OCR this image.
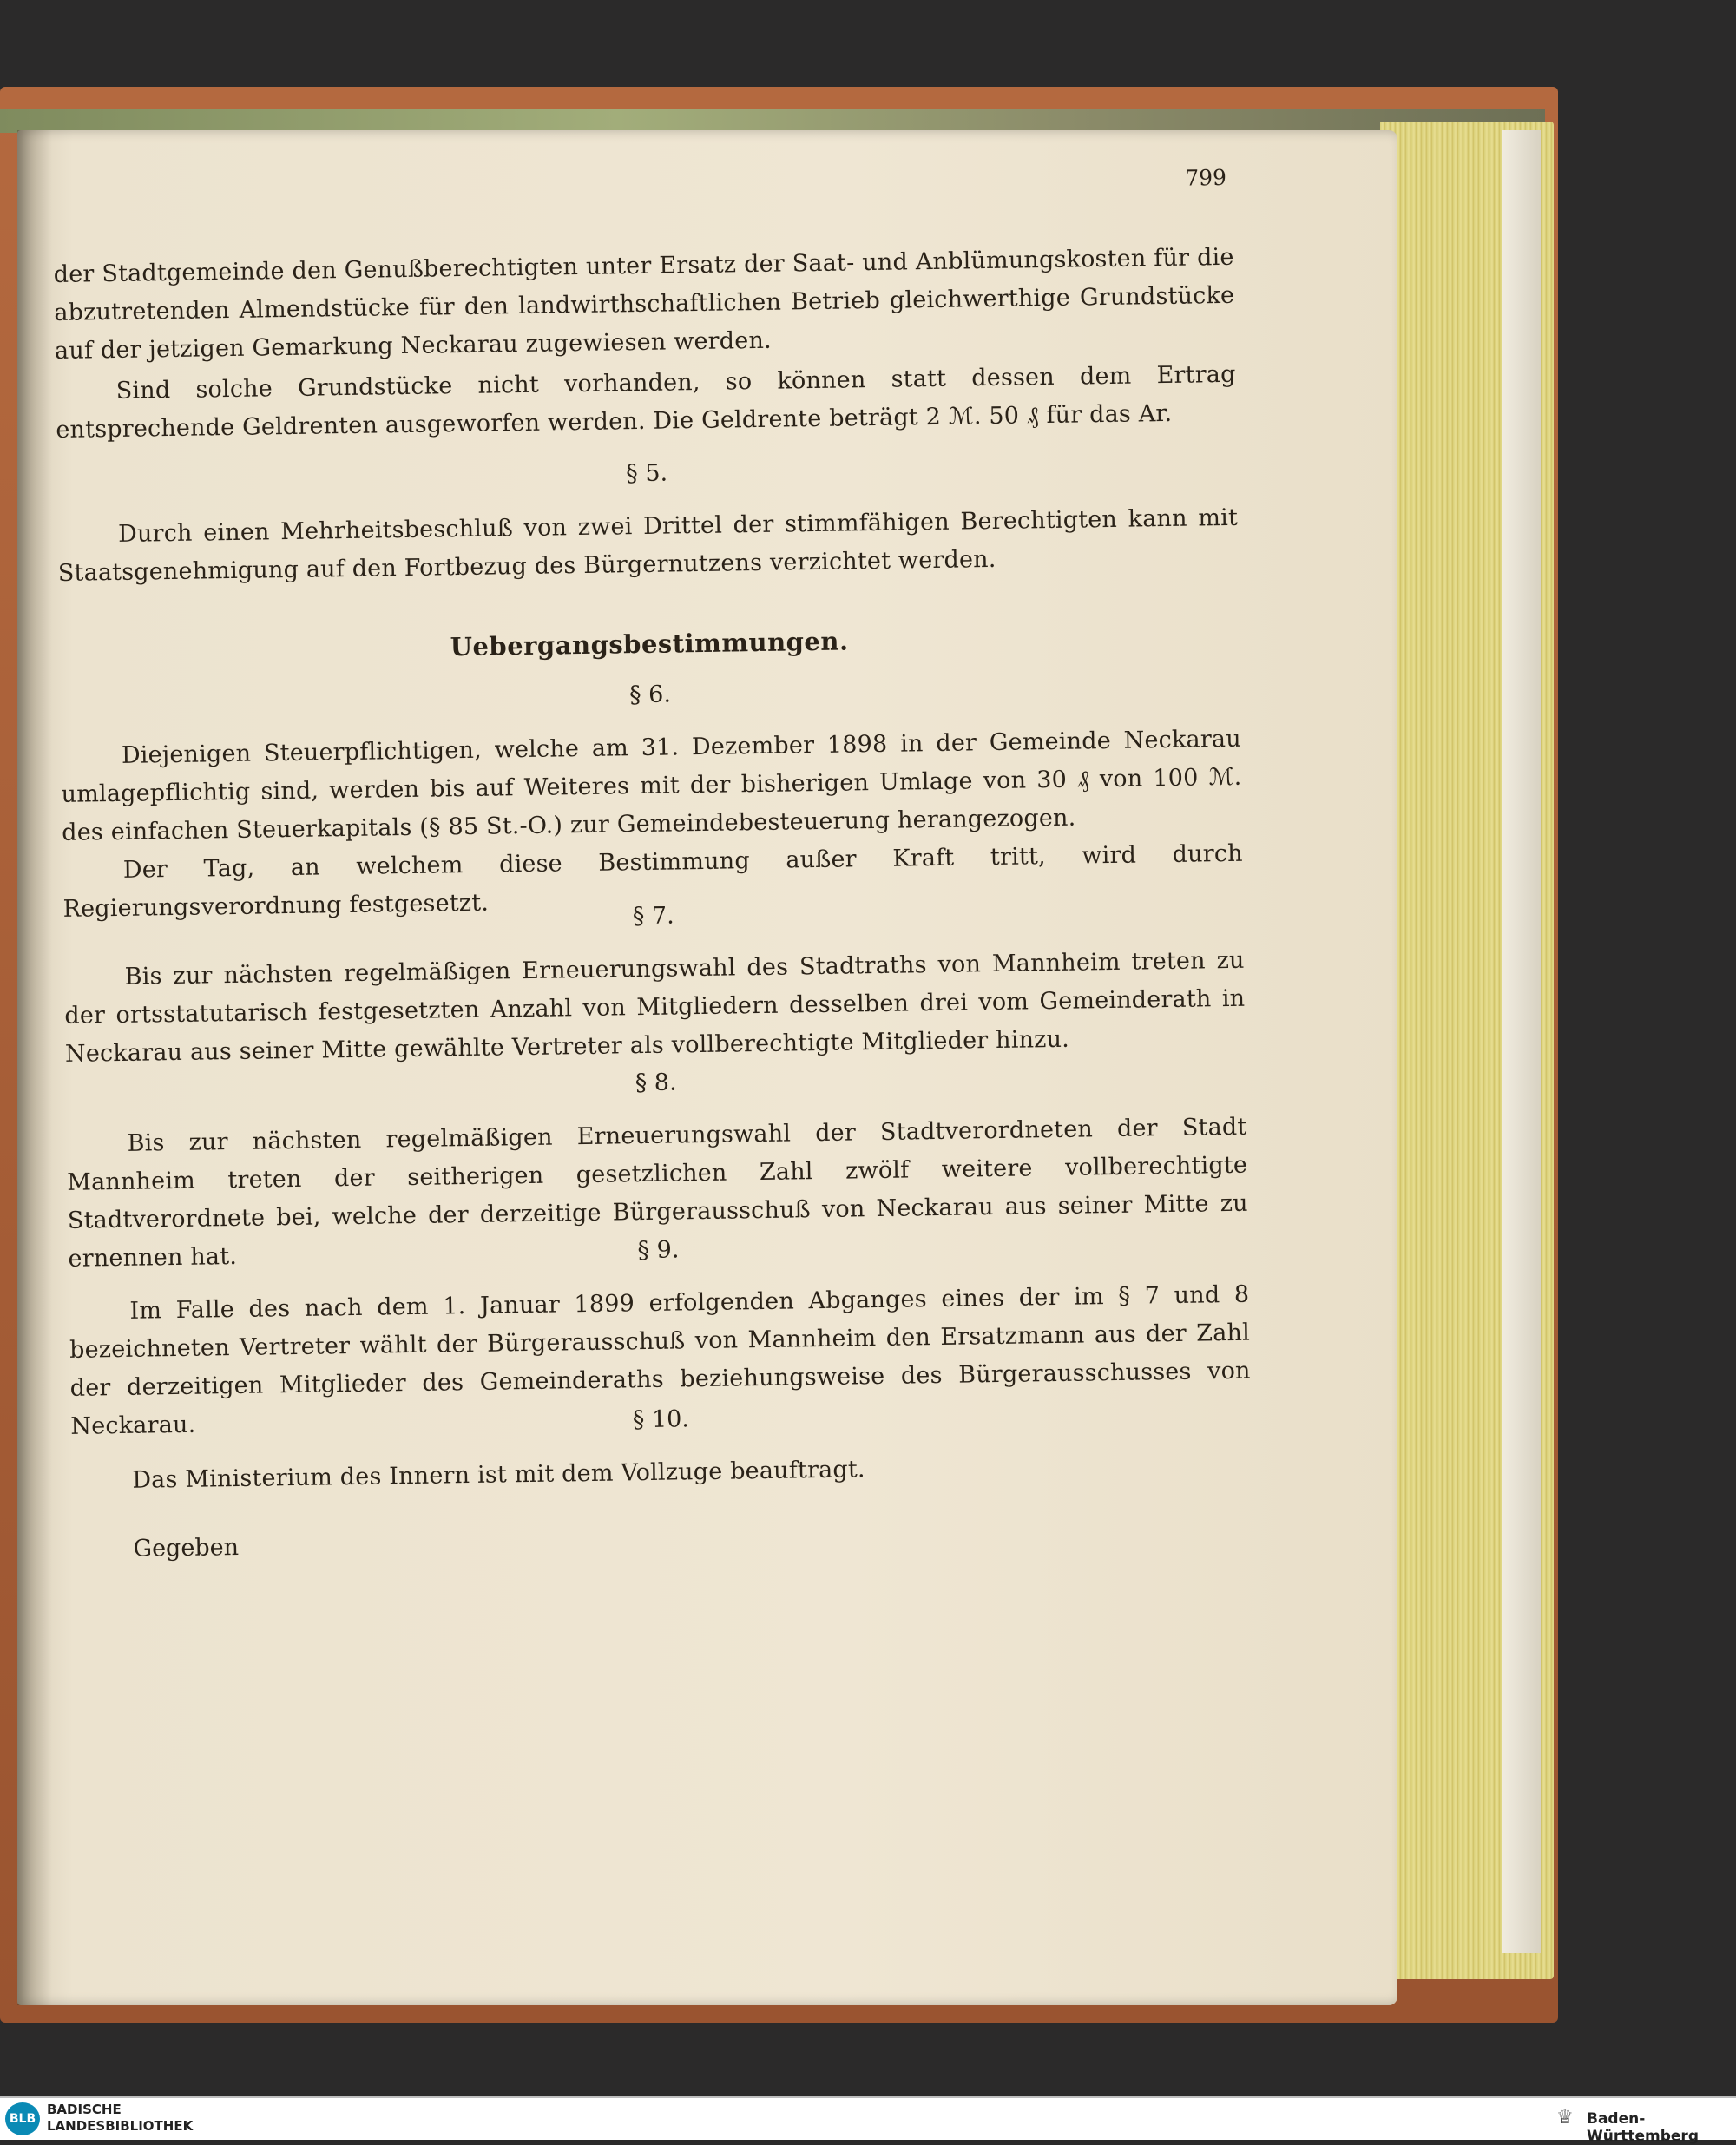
799
der Stadtgemeinde den Genußberechtigten unter Ersatz der Saat- und Anblümungskosten für die abzutretenden Almendstücke für den landwirthschaftlichen Betrieb gleichwerthige Grundstücke auf der jetzigen Gemarkung Neckarau zugewiesen werden.
Sind solche Grundstücke nicht vorhanden, so können statt dessen dem Ertrag entsprechende Geldrenten ausgeworfen werden. Die Geldrente beträgt 2 ℳ. 50 ₰ für das Ar.
§ 5.
Durch einen Mehrheitsbeschluß von zwei Drittel der stimmfähigen Berechtigten kann mit Staatsgenehmigung auf den Fortbezug des Bürgernutzens verzichtet werden.
Uebergangsbestimmungen.
§ 6.
Diejenigen Steuerpflichtigen, welche am 31. Dezember 1898 in der Gemeinde Neckarau umlagepflichtig sind, werden bis auf Weiteres mit der bisherigen Umlage von 30 ₰ von 100 ℳ. des einfachen Steuerkapitals (§ 85 St.-O.) zur Gemeindebesteuerung herangezogen.
Der Tag, an welchem diese Bestimmung außer Kraft tritt, wird durch Regierungsverordnung festgesetzt.	§ 7.
Bis zur nächsten regelmäßigen Erneuerungswahl des Stadtraths von Mannheim treten zu der ortsstatutarisch festgesetzten Anzahl von Mitgliedern desselben drei vom Gemeinderath in Neckarau aus seiner Mitte gewählte Vertreter als vollberechtigte Mitglieder hinzu.
§ 8.
Bis zur nächsten regelmäßigen Erneuerungswahl der Stadtverordneten der Stadt Mannheim treten der seitherigen gesetzlichen Zahl zwölf weitere vollberechtigte Stadtverordnete bei, welche der derzeitige Bürgerausschuß von Neckarau aus seiner Mitte zu ernennen hat.	§ 9.
Im Falle des nach dem 1. Januar 1899 erfolgenden Abganges eines der im § 7 und 8 bezeichneten Vertreter wählt der Bürgerausschuß von Mannheim den Ersatzmann aus der Zahl der derzeitigen Mitglieder des Gemeinderaths beziehungsweise des Bürgerausschusses von Neckarau.	§ 10.
Das Ministerium des Innern ist mit dem Vollzuge beauftragt.
Gegeben
BLB
BADISCHE
LANDESBIBLIOTHEK	♕ Baden-Württemberg
